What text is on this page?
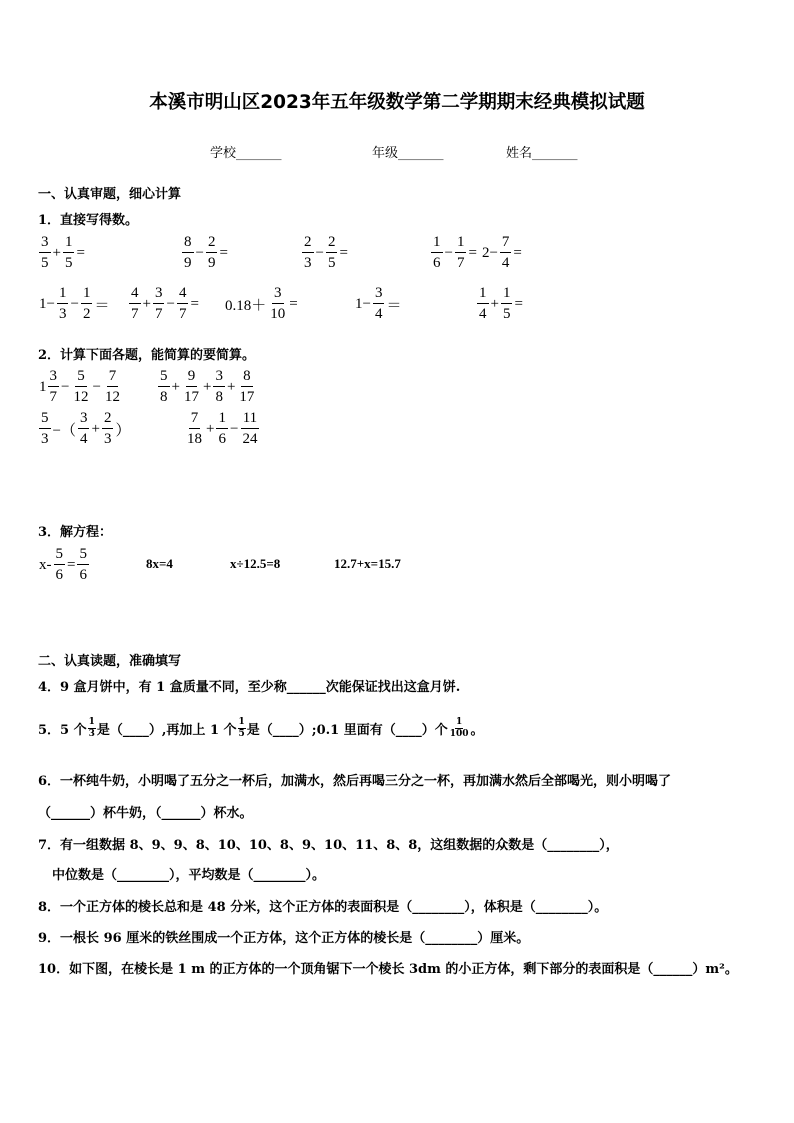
本溪市明山区2023年五年级数学第二学期期末经典模拟试题
学校_______	年级_______	姓名_______
一、认真审题，细心计算
1．直接写得数。
$\frac{3}{5} + \frac{1}{5}$ =	$\frac{8}{9} - \frac{2}{9}$ =	$\frac{2}{3} - \frac{2}{5}$ =	$\frac{1}{6} - \frac{1}{7} = 2- \frac{7}{4}$ =
$1- \frac{1}{3} - \frac{1}{2} = \frac{4}{7} + \frac{3}{7} - \frac{4}{7} = 0.18+ \frac{3}{10}$ =	$1- \frac{3}{4}$ ＝	$\frac{1}{4} + \frac{1}{5}$ =
2．计算下面各题，能简算的要简算。
$1 \frac{3}{7} - \frac{5}{12} - \frac{7}{12} \frac{5}{8} + \frac{9}{17} + \frac{3}{8} + \frac{8}{17}$
$\frac{5}{3}$ −（ $\frac{3}{4} + \frac{2}{3}$ ）	$\frac{7}{18} + \frac{1}{6} - \frac{11}{24}$
3．解方程：
$x- \frac{5}{6} = \frac{5}{6}$	8x=4	x÷12.5=8	12.7+x=15.7
二、认真读题，准确填写
4．9 盒月饼中，有 1 盒质量不同，至少称______次能保证找出这盒月饼.
5．5 个 $\frac{1}{3}$ 是（____）,再加上 1 个 $\frac{1}{5}$ 是（____）;0.1 里面有（____）个 $\frac{1}{100}$ 。
6．一杯纯牛奶，小明喝了五分之一杯后，加满水，然后再喝三分之一杯，再加满水然后全部喝光，则小明喝了
（______）杯牛奶，（______）杯水。
7．有一组数据 8、9、9、8、10、10、8、9、10、11、8、8，这组数据的众数是（________），
中位数是（________），平均数是（________）。
8．一个正方体的棱长总和是 48 分米，这个正方体的表面积是（________），体积是（________）。
9．一根长 96 厘米的铁丝围成一个正方体，这个正方体的棱长是（________）厘米。
10．如下图，在棱长是 1 m 的正方体的一个顶角锯下一个棱长 3dm 的小正方体，剩下部分的表面积是（______）m²。
